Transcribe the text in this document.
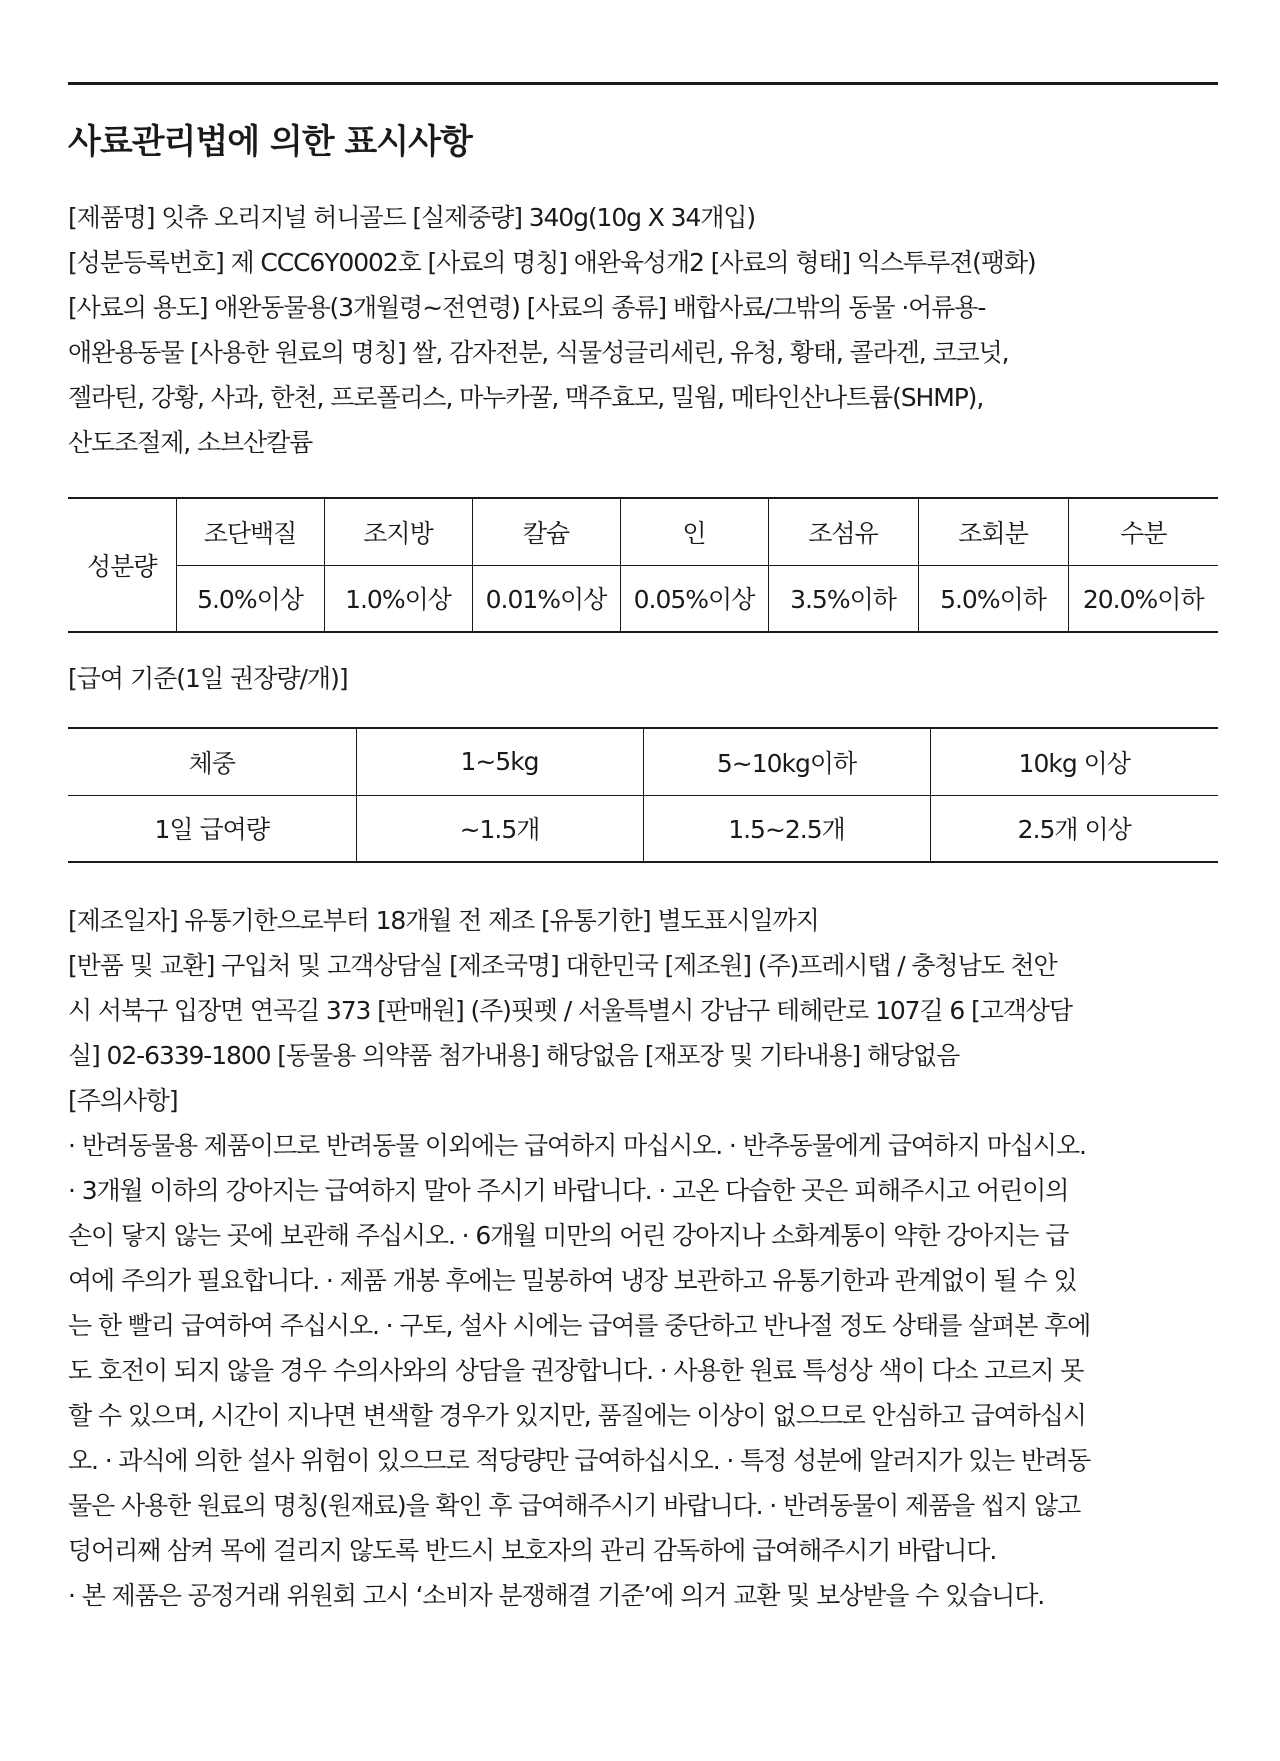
사료관리법에 의한 표시사항

[제품명] 잇츄 오리지널 허니골드 [실제중량] 340g(10g X 34개입)

[성분등록번호] 제 CCC6Y0002호 [사료의 명칭] 애완육성개2 [사료의 형태] 익스투루젼(팽화)

[사료의 용도] 애완동물용(3개월령~전연령) [사료의 종류] 배합사료/그밖의 동물 ·어류용-

애완용동물 [사용한 원료의 명칭] 쌀, 감자전분, 식물성글리세린, 유청, 황태, 콜라겐, 코코넛,

젤라틴, 강황, 사과, 한천, 프로폴리스, 마누카꿀, 맥주효모, 밀웜, 메타인산나트륨(SHMP),

산도조절제, 소브산칼륨

성분량	조단백질	조지방	칼슘	인	조섬유	조회분	수분
	5.0%이상	1.0%이상	0.01%이상	0.05%이상	3.5%이하	5.0%이하	20.0%이하
[급여 기준(1일 권장량/개)]
체중	1~5kg	5~10kg이하	10kg 이상
1일 급여량	~1.5개	1.5~2.5개	2.5개 이상

[제조일자] 유통기한으로부터 18개월 전 제조 [유통기한] 별도표시일까지

[반품 및 교환] 구입처 및 고객상담실 [제조국명] 대한민국 [제조원] (주)프레시탭 / 충청남도 천안

시 서북구 입장면 연곡길 373 [판매원] (주)핏펫 / 서울특별시 강남구 테헤란로 107길 6 [고객상담

실] 02-6339-1800 [동물용 의약품 첨가내용] 해당없음 [재포장 및 기타내용] 해당없음

[주의사항]

· 반려동물용 제품이므로 반려동물 이외에는 급여하지 마십시오. · 반추동물에게 급여하지 마십시오.

· 3개월 이하의 강아지는 급여하지 말아 주시기 바랍니다. · 고온 다습한 곳은 피해주시고 어린이의

손이 닿지 않는 곳에 보관해 주십시오. · 6개월 미만의 어린 강아지나 소화계통이 약한 강아지는 급

여에 주의가 필요합니다. · 제품 개봉 후에는 밀봉하여 냉장 보관하고 유통기한과 관계없이 될 수 있

는 한 빨리 급여하여 주십시오. · 구토, 설사 시에는 급여를 중단하고 반나절 정도 상태를 살펴본 후에

도 호전이 되지 않을 경우 수의사와의 상담을 권장합니다. · 사용한 원료 특성상 색이 다소 고르지 못

할 수 있으며, 시간이 지나면 변색할 경우가 있지만, 품질에는 이상이 없으므로 안심하고 급여하십시

오. · 과식에 의한 설사 위험이 있으므로 적당량만 급여하십시오. · 특정 성분에 알러지가 있는 반려동

물은 사용한 원료의 명칭(원재료)을 확인 후 급여해주시기 바랍니다. · 반려동물이 제품을 씹지 않고

덩어리째 삼켜 목에 걸리지 않도록 반드시 보호자의 관리 감독하에 급여해주시기 바랍니다.

· 본 제품은 공정거래 위원회 고시 ‘소비자 분쟁해결 기준’에 의거 교환 및 보상받을 수 있습니다.
